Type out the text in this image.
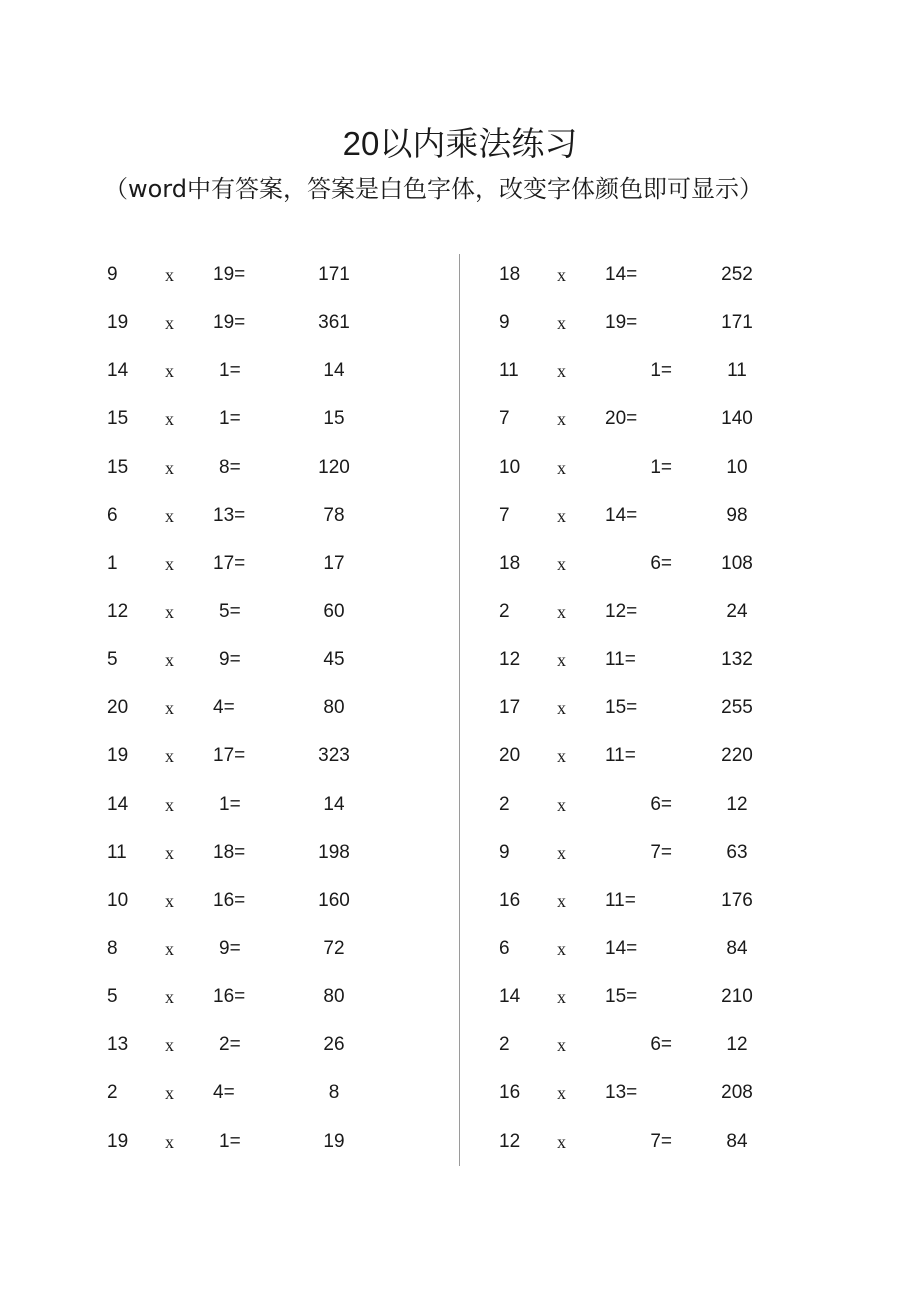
20以内乘法练习
（word中有答案，答案是白色字体，改变字体颜色即可显示）
9	x 19=	171
19 x 19=	361
14 x 1=	14
15 x 1=	15
15 x 8=	120
6	x 13=	78
1	x 17=	17
12 x 5=	60
5	x 9=	45
20 x 4=	80
19 x 17=	323
14 x 1=	14
11 x 18=	198
10 x 16=	160
8	x 9=	72
5	x 16=	80
13 x 2=	26
2	x 4=	8
19 x 1=	19
18 x 14=	252
9	x 19=	171
11 x	1=	11
7	x 20=	140
10 x	1=	10
7	x 14=	98
18 x	6=	108
2	x 12=	24
12 x 11=	132
17 x 15=	255
20 x 11=	220
2	x	6=	12
9	x	7=	63
16 x 11=	176
6	x 14=	84
14 x 15=	210
2	x	6=	12
16 x 13=	208
12 x	7=	84
